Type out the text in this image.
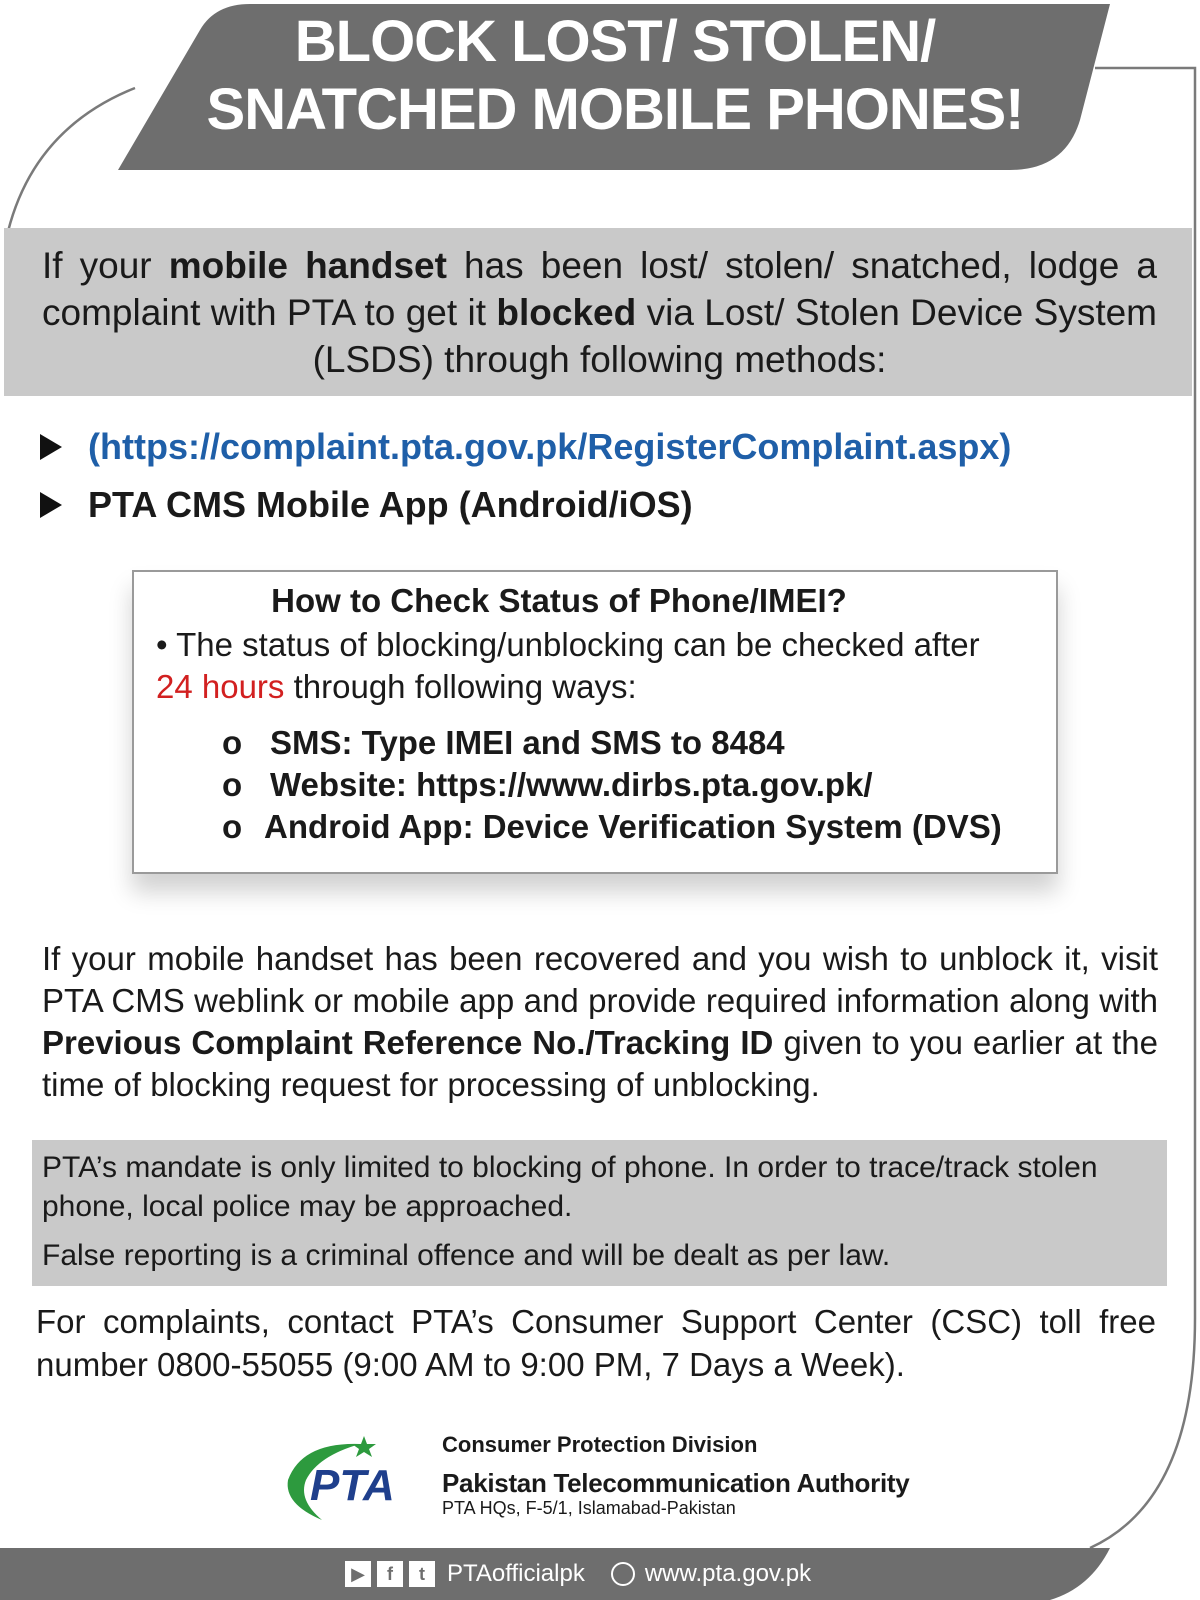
BLOCK LOST/ STOLEN/
SNATCHED MOBILE PHONES!
If your mobile handset has been lost/ stolen/ snatched, lodge a complaint with PTA to get it blocked via Lost/ Stolen Device System (LSDS) through following methods:
(https://complaint.pta.gov.pk/RegisterComplaint.aspx)
PTA CMS Mobile App (Android/iOS)
How to Check Status of Phone/IMEI?
• The status of blocking/unblocking can be checked after
24 hours through following ways:
o SMS: Type IMEI and SMS to 8484
o Website: https://www.dirbs.pta.gov.pk/
o Android App: Device Verification System (DVS)
If your mobile handset has been recovered and you wish to unblock it, visit PTA CMS weblink or mobile app and provide required information along with Previous Complaint Reference No./Tracking ID given to you earlier at the time of blocking request for processing of unblocking.

PTA’s mandate is only limited to blocking of phone. In order to trace/track stolen phone, local police may be approached.

False reporting is a criminal offence and will be dealt as per law.

For complaints, contact PTA’s Consumer Support Center (CSC) toll free number 0800-55055 (9:00 AM to 9:00 PM, 7 Days a Week).
PTA
Consumer Protection Division
Pakistan Telecommunication Authority
PTA HQs, F-5/1, Islamabad-Pakistan
▶	f	t PTAofficialpk	www.pta.gov.pk
